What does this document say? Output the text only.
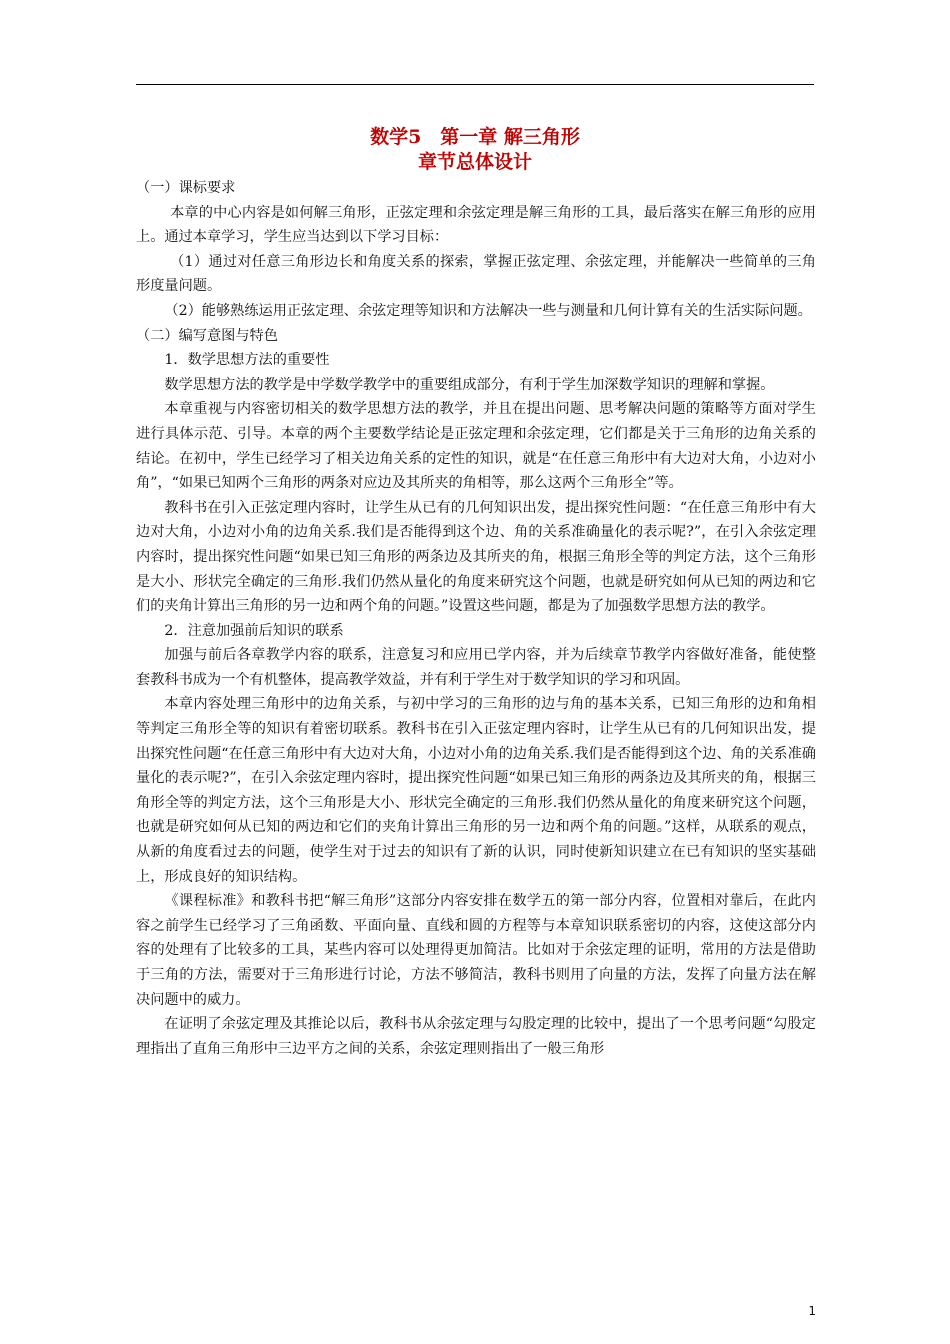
数学5　第一章 解三角形
章节总体设计

（一）课标要求

本章的中心内容是如何解三角形，正弦定理和余弦定理是解三角形的工具，最后落实在解三角形的应用上。通过本章学习，学生应当达到以下学习目标：

（1）通过对任意三角形边长和角度关系的探索，掌握正弦定理、余弦定理，并能解决一些简单的三角形度量问题。

（2）能够熟练运用正弦定理、余弦定理等知识和方法解决一些与测量和几何计算有关的生活实际问题。

（二）编写意图与特色

1．数学思想方法的重要性

数学思想方法的教学是中学数学教学中的重要组成部分，有利于学生加深数学知识的理解和掌握。

本章重视与内容密切相关的数学思想方法的教学，并且在提出问题、思考解决问题的策略等方面对学生进行具体示范、引导。本章的两个主要数学结论是正弦定理和余弦定理，它们都是关于三角形的边角关系的结论。在初中，学生已经学习了相关边角关系的定性的知识，就是“在任意三角形中有大边对大角，小边对小角”，“如果已知两个三角形的两条对应边及其所夹的角相等，那么这两个三角形全”等。

教科书在引入正弦定理内容时，让学生从已有的几何知识出发，提出探究性问题：“在任意三角形中有大边对大角，小边对小角的边角关系.我们是否能得到这个边、角的关系准确量化的表示呢?”，在引入余弦定理内容时，提出探究性问题“如果已知三角形的两条边及其所夹的角，根据三角形全等的判定方法，这个三角形是大小、形状完全确定的三角形.我们仍然从量化的角度来研究这个问题，也就是研究如何从已知的两边和它们的夹角计算出三角形的另一边和两个角的问题。”设置这些问题，都是为了加强数学思想方法的教学。

2．注意加强前后知识的联系

加强与前后各章教学内容的联系，注意复习和应用已学内容，并为后续章节教学内容做好准备，能使整套教科书成为一个有机整体，提高教学效益，并有利于学生对于数学知识的学习和巩固。

本章内容处理三角形中的边角关系，与初中学习的三角形的边与角的基本关系，已知三角形的边和角相等判定三角形全等的知识有着密切联系。教科书在引入正弦定理内容时，让学生从已有的几何知识出发，提出探究性问题“在任意三角形中有大边对大角，小边对小角的边角关系.我们是否能得到这个边、角的关系准确量化的表示呢?”，在引入余弦定理内容时，提出探究性问题“如果已知三角形的两条边及其所夹的角，根据三角形全等的判定方法，这个三角形是大小、形状完全确定的三角形.我们仍然从量化的角度来研究这个问题，也就是研究如何从已知的两边和它们的夹角计算出三角形的另一边和两个角的问题。”这样，从联系的观点，从新的角度看过去的问题，使学生对于过去的知识有了新的认识，同时使新知识建立在已有知识的坚实基础上，形成良好的知识结构。

《课程标准》和教科书把“解三角形”这部分内容安排在数学五的第一部分内容，位置相对靠后，在此内容之前学生已经学习了三角函数、平面向量、直线和圆的方程等与本章知识联系密切的内容，这使这部分内容的处理有了比较多的工具，某些内容可以处理得更加简洁。比如对于余弦定理的证明，常用的方法是借助于三角的方法，需要对于三角形进行讨论，方法不够简洁，教科书则用了向量的方法，发挥了向量方法在解决问题中的威力。

在证明了余弦定理及其推论以后，教科书从余弦定理与勾股定理的比较中，提出了一个思考问题“勾股定理指出了直角三角形中三边平方之间的关系，余弦定理则指出了一般三角形

1
